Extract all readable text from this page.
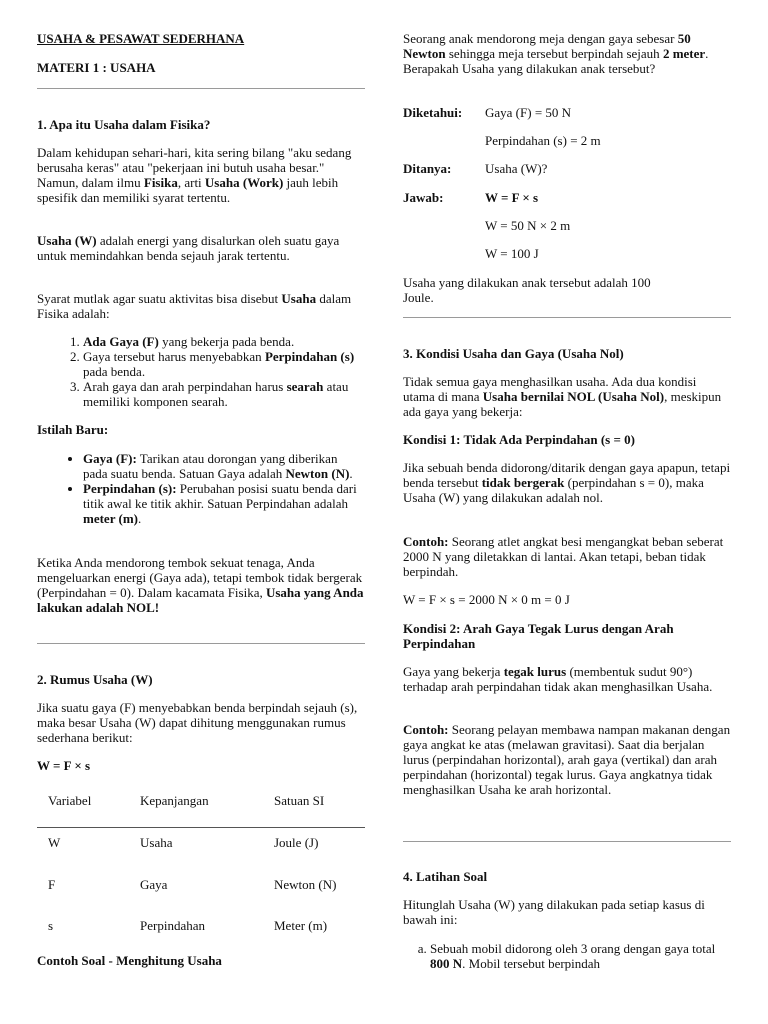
USAHA & PESAWAT SEDERHANA

MATERI 1 : USAHA

1. Apa itu Usaha dalam Fisika?

Dalam kehidupan sehari-hari, kita sering bilang "aku sedang berusaha keras" atau "pekerjaan ini butuh usaha besar." Namun, dalam ilmu Fisika, arti Usaha (Work) jauh lebih spesifik dan memiliki syarat tertentu.

Usaha (W) adalah energi yang disalurkan oleh suatu gaya untuk memindahkan benda sejauh jarak tertentu.

Syarat mutlak agar suatu aktivitas bisa disebut Usaha dalam Fisika adalah:

1. Ada Gaya (F) yang bekerja pada benda.
2. Gaya tersebut harus menyebabkan Perpindahan (s) pada benda.
3. Arah gaya dan arah perpindahan harus searah atau memiliki komponen searah.

Istilah Baru:

• Gaya (F): Tarikan atau dorongan yang diberikan pada suatu benda. Satuan Gaya adalah Newton (N).
• Perpindahan (s): Perubahan posisi suatu benda dari titik awal ke titik akhir. Satuan Perpindahan adalah meter (m).

Ketika Anda mendorong tembok sekuat tenaga, Anda mengeluarkan energi (Gaya ada), tetapi tembok tidak bergerak (Perpindahan = 0). Dalam kacamata Fisika, Usaha yang Anda lakukan adalah NOL!

2. Rumus Usaha (W)

Jika suatu gaya (F) menyebabkan benda berpindah sejauh (s), maka besar Usaha (W) dapat dihitung menggunakan rumus sederhana berikut:

W = F × s

Variabel	Kepanjangan	Satuan SI
W	Usaha	Joule (J)
F	Gaya	Newton (N)
s	Perpindahan	Meter (m)

Contoh Soal - Menghitung Usaha

Seorang anak mendorong meja dengan gaya sebesar 50 Newton sehingga meja tersebut berpindah sejauh 2 meter. Berapakah Usaha yang dilakukan anak tersebut?

Diketahui: Gaya (F) = 50 N
Perpindahan (s) = 2 m
Ditanya:	Usaha (W)?
Jawab:	W = F × s
W = 50 N × 2 m
W = 100 J

Usaha yang dilakukan anak tersebut adalah 100 Joule.

3. Kondisi Usaha dan Gaya (Usaha Nol)

Tidak semua gaya menghasilkan usaha. Ada dua kondisi utama di mana Usaha bernilai NOL (Usaha Nol), meskipun ada gaya yang bekerja:

Kondisi 1: Tidak Ada Perpindahan (s = 0)

Jika sebuah benda didorong/ditarik dengan gaya apapun, tetapi benda tersebut tidak bergerak (perpindahan s = 0), maka Usaha (W) yang dilakukan adalah nol.

Contoh: Seorang atlet angkat besi mengangkat beban seberat 2000 N yang diletakkan di lantai. Akan tetapi, beban tidak berpindah.

W = F × s = 2000 N × 0 m = 0 J

Kondisi 2: Arah Gaya Tegak Lurus dengan Arah Perpindahan

Gaya yang bekerja tegak lurus (membentuk sudut 90°) terhadap arah perpindahan tidak akan menghasilkan Usaha.

Contoh: Seorang pelayan membawa nampan makanan dengan gaya angkat ke atas (melawan gravitasi). Saat dia berjalan lurus (perpindahan horizontal), arah gaya (vertikal) dan arah perpindahan (horizontal) tegak lurus. Gaya angkatnya tidak menghasilkan Usaha ke arah horizontal.

4. Latihan Soal

Hitunglah Usaha (W) yang dilakukan pada setiap kasus di bawah ini:

a. Sebuah mobil didorong oleh 3 orang dengan gaya total 800 N. Mobil tersebut berpindah
